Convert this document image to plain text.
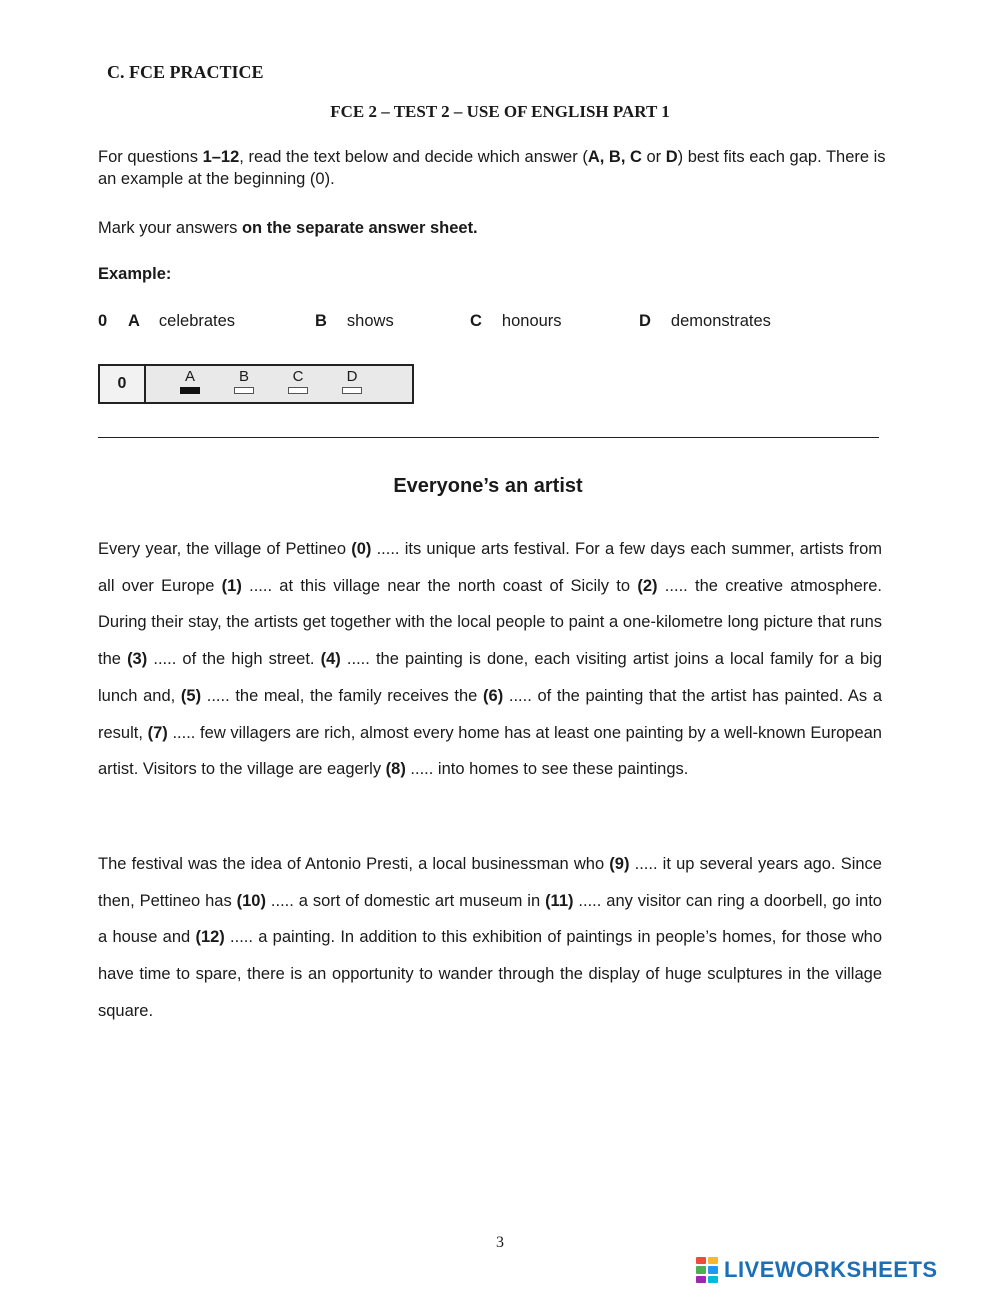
C. FCE PRACTICE
FCE 2 – TEST 2 – USE OF ENGLISH PART 1
For questions 1–12, read the text below and decide which answer (A, B, C or D) best fits each gap. There is an example at the beginning (0).
Mark your answers on the separate answer sheet.
Example:
0 A celebrates	B shows	C honours	D demonstrates
0	A	B	C	D
Everyone’s an artist
Every year, the village of Pettineo (0) ..... its unique arts festival. For a few days each summer, artists from all over Europe (1) ..... at this village near the north coast of Sicily to (2) ..... the creative atmosphere. During their stay, the artists get together with the local people to paint a one-kilometre long picture that runs the (3) ..... of the high street. (4) ..... the painting is done, each visiting artist joins a local family for a big lunch and, (5) ..... the meal, the family receives the (6) ..... of the painting that the artist has painted. As a result, (7) ..... few villagers are rich, almost every home has at least one painting by a well-known European artist. Visitors to the village are eagerly (8) ..... into homes to see these paintings.
The festival was the idea of Antonio Presti, a local businessman who (9) ..... it up several years ago. Since then, Pettineo has (10) ..... a sort of domestic art museum in (11) ..... any visitor can ring a doorbell, go into a house and (12) ..... a painting. In addition to this exhibition of paintings in people’s homes, for those who have time to spare, there is an opportunity to wander through the display of huge sculptures in the village square.
3
LIVEWORKSHEETS
